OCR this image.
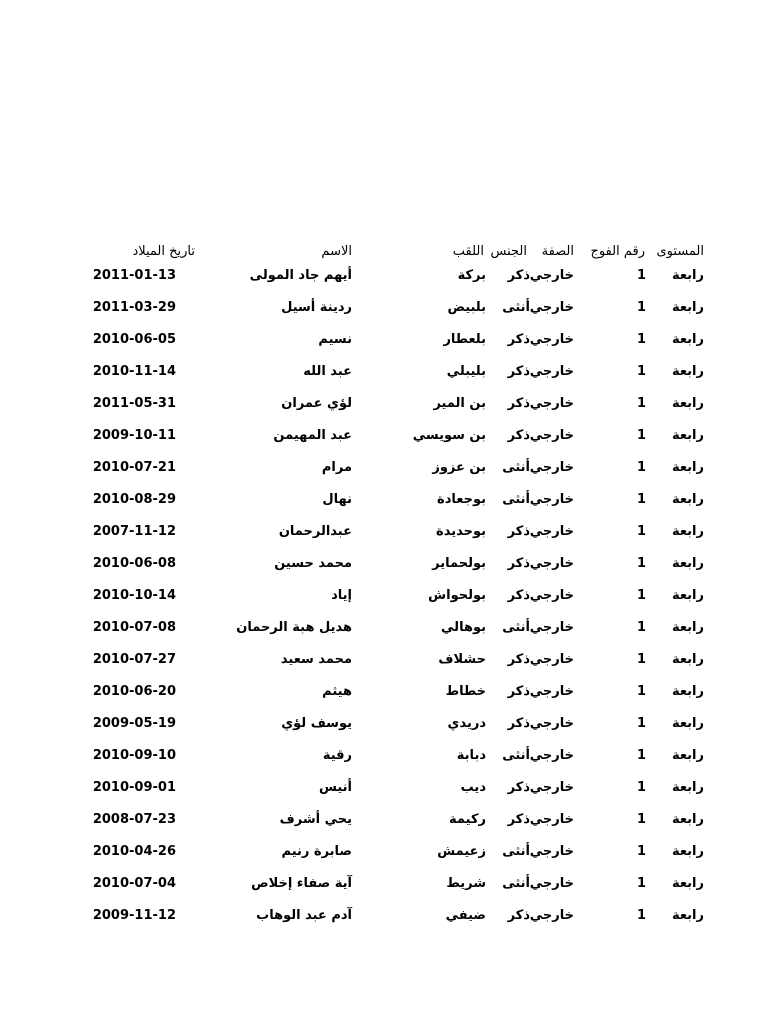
المستوى
رقم الفوج
الصفة
الجنس
اللقب
الاسم
تاريخ الميلاد
رابعة
1
خارجي
ذكر
بركة
أيهم جاد المولى
2011-01-13
رابعة
1
خارجي
أنثى
بلبيض
ردينة أسيل
2011-03-29
رابعة
1
خارجي
ذكر
بلعطار
نسيم
2010-06-05
رابعة
1
خارجي
ذكر
بليبلي
عبد الله
2010-11-14
رابعة
1
خارجي
ذكر
بن المير
لؤي عمران
2011-05-31
رابعة
1
خارجي
ذكر
بن سويسي
عبد المهيمن
2009-10-11
رابعة
1
خارجي
أنثى
بن عزوز
مرام
2010-07-21
رابعة
1
خارجي
أنثى
بوجعادة
نهال
2010-08-29
رابعة
1
خارجي
ذكر
بوحديدة
عبدالرحمان
2007-11-12
رابعة
1
خارجي
ذكر
بولحماير
محمد حسين
2010-06-08
رابعة
1
خارجي
ذكر
بولحواش
إياد
2010-10-14
رابعة
1
خارجي
أنثى
بوهالي
هديل هبة الرحمان
2010-07-08
رابعة
1
خارجي
ذكر
حشلاف
محمد سعيد
2010-07-27
رابعة
1
خارجي
ذكر
خطاط
هيثم
2010-06-20
رابعة
1
خارجي
ذكر
دريدي
يوسف لؤي
2009-05-19
رابعة
1
خارجي
أنثى
دبابة
رقية
2010-09-10
رابعة
1
خارجي
ذكر
ديب
أنيس
2010-09-01
رابعة
1
خارجي
ذكر
ركيمة
يحي أشرف
2008-07-23
رابعة
1
خارجي
أنثى
زعيمش
صابرة رنيم
2010-04-26
رابعة
1
خارجي
أنثى
شريط
آية صفاء إخلاص
2010-07-04
رابعة
1
خارجي
ذكر
ضيفي
آدم عبد الوهاب
2009-11-12
